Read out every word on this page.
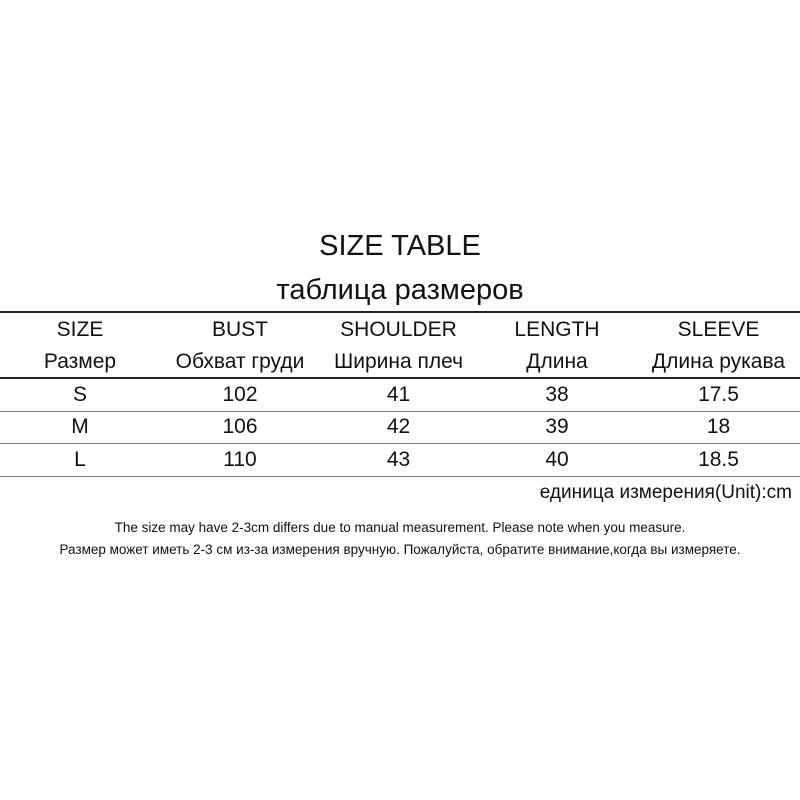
SIZE TABLE
таблица размеров
SIZE	BUST	SHOULDER	LENGTH	SLEEVE
Размер	Обхват груди	Ширина плеч	Длина	Длина рукава
S	102	41	38	17.5
M	106	42	39	18
L	110	43	40	18.5
единица измерения(Unit):cm
The size may have 2-3cm differs due to manual measurement. Please note when you measure.
Размер может иметь 2-3 см из-за измерения вручную. Пожалуйста, обратите внимание,когда вы измеряете.
